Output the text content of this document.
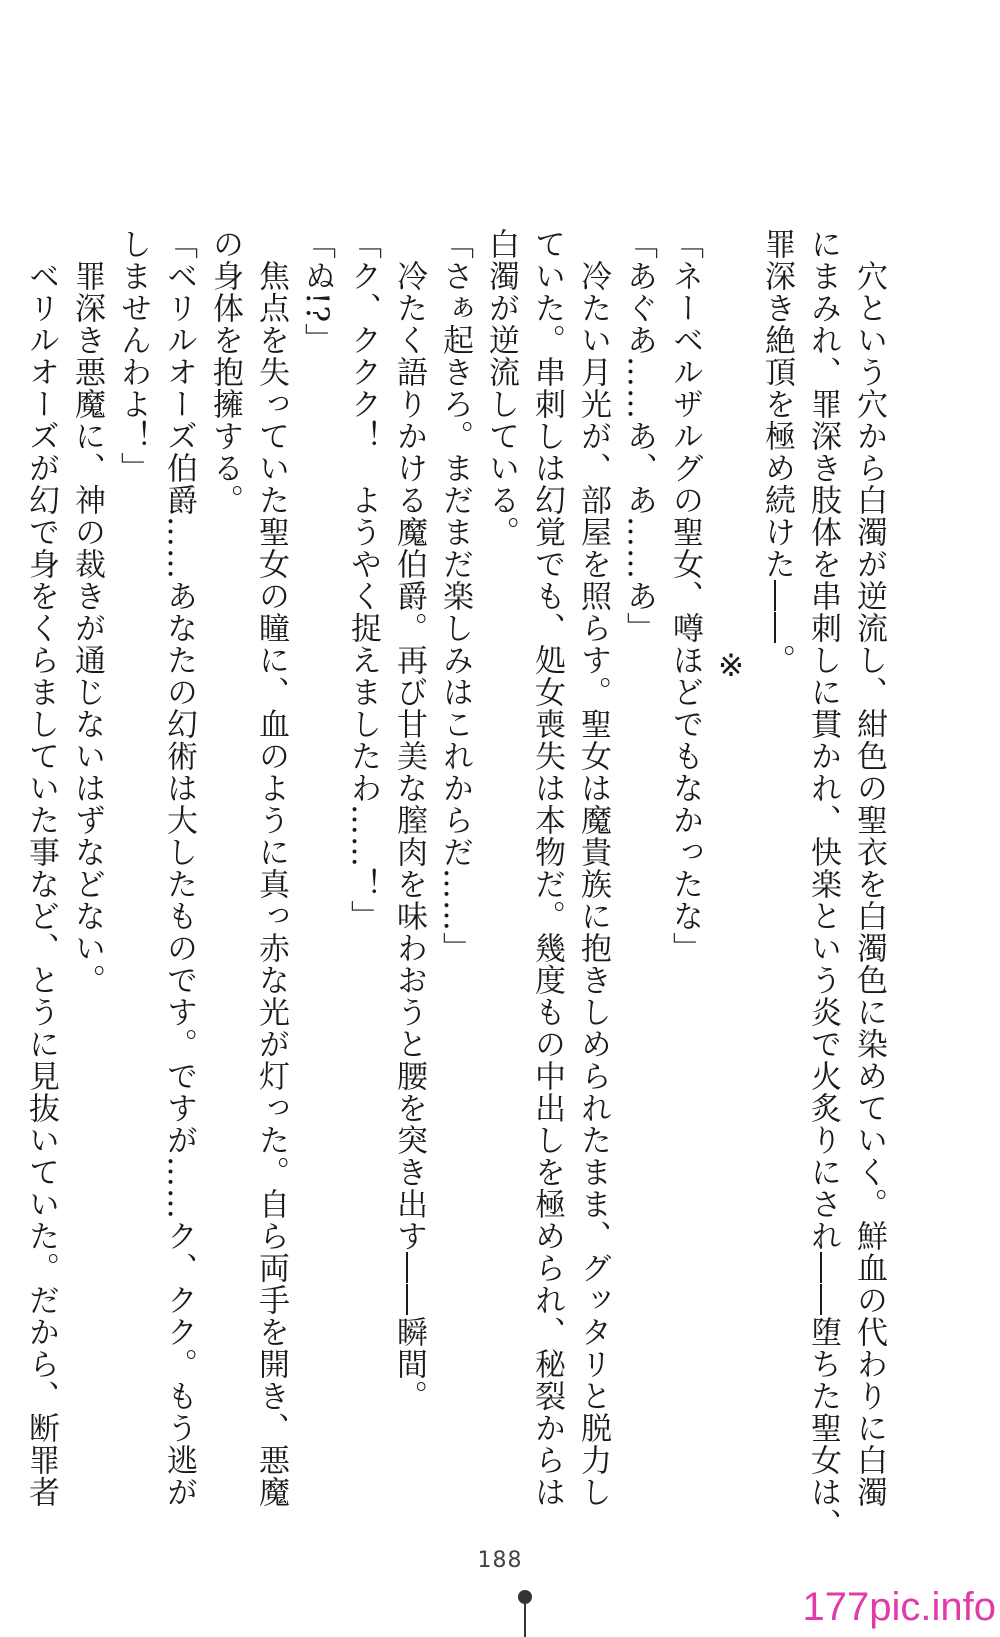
　穴という穴から白濁が逆流し、紺色の聖衣を白濁色に染めていく。鮮血の代わりに白濁

にまみれ、罪深き肢体を串刺しに貫かれ、快楽という炎で火炙りにされ――堕ちた聖女は、

罪深き絶頂を極め続けた――。

※

「ネーベルザルグの聖女、噂ほどでもなかったな」

「あぐあ……あ、あ……あ」

　冷たい月光が、部屋を照らす。聖女は魔貴族に抱きしめられたまま、グッタリと脱力し

ていた。串刺しは幻覚でも、処女喪失は本物だ。幾度もの中出しを極められ、秘裂からは

白濁が逆流している。

「さぁ起きろ。まだまだ楽しみはこれからだ……」

　冷たく語りかける魔伯爵。再び甘美な膣肉を味わおうと腰を突き出す――瞬間。

「ク、ククク！　ようやく捉えましたわ……！」

「ぬ!?」

　焦点を失っていた聖女の瞳に、血のように真っ赤な光が灯った。自ら両手を開き、悪魔

の身体を抱擁する。

「ベリルオーズ伯爵……あなたの幻術は大したものです。ですが……ク、クク。もう逃が

しませんわよ！」

　罪深き悪魔に、神の裁きが通じないはずなどない。

　ベリルオーズが幻で身をくらましていた事など、とうに見抜いていた。だから、断罪者

188
177pic.info
